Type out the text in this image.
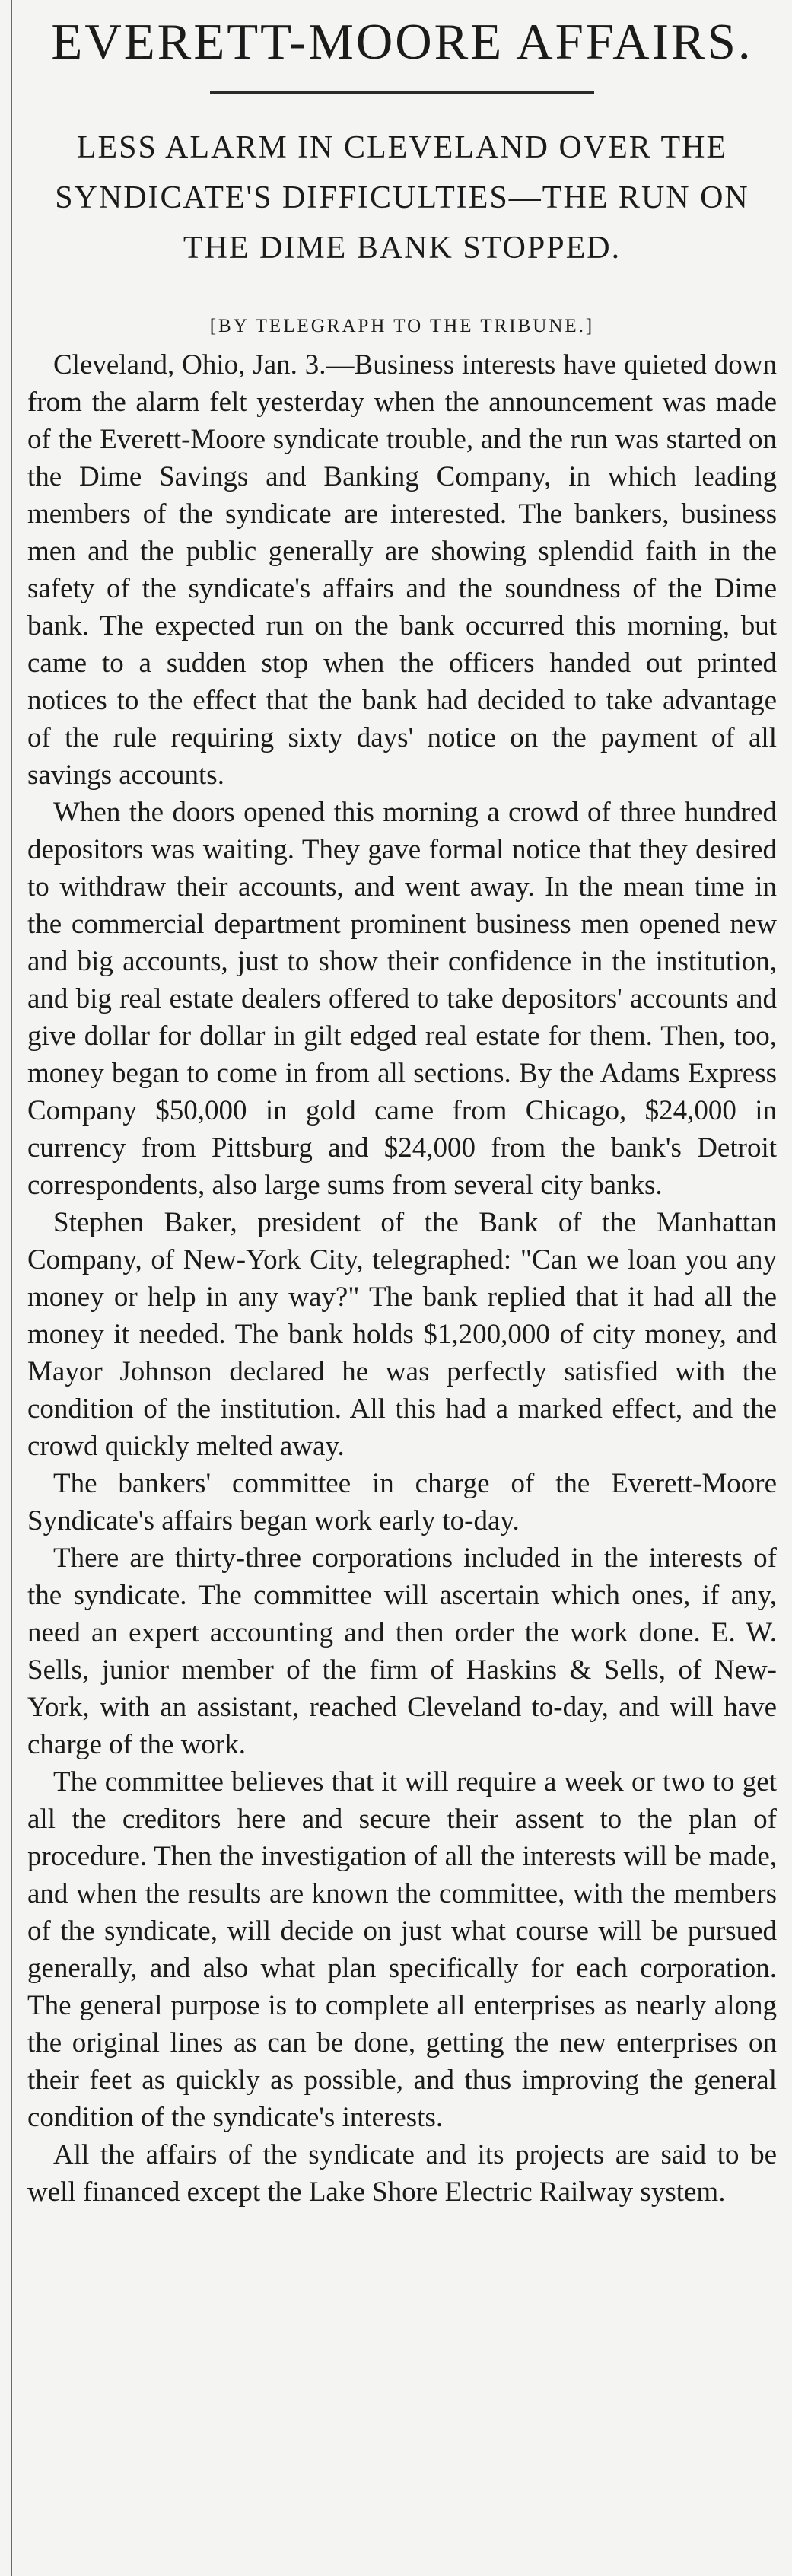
EVERETT-MOORE AFFAIRS.
LESS ALARM IN CLEVELAND OVER THE SYNDICATE'S DIFFICULTIES—THE RUN ON THE DIME BANK STOPPED.

[BY TELEGRAPH TO THE TRIBUNE.]

Cleveland, Ohio, Jan. 3.—Business interests have quieted down from the alarm felt yesterday when the announcement was made of the Everett-Moore syndicate trouble, and the run was started on the Dime Savings and Banking Company, in which leading members of the syndicate are interested. The bankers, business men and the public generally are showing splendid faith in the safety of the syndicate's affairs and the soundness of the Dime bank. The expected run on the bank occurred this morning, but came to a sudden stop when the officers handed out printed notices to the effect that the bank had decided to take advantage of the rule requiring sixty days' notice on the payment of all savings accounts.

When the doors opened this morning a crowd of three hundred depositors was waiting. They gave formal notice that they desired to withdraw their accounts, and went away. In the mean time in the commercial department prominent business men opened new and big accounts, just to show their confidence in the institution, and big real estate dealers offered to take depositors' accounts and give dollar for dollar in gilt edged real estate for them. Then, too, money began to come in from all sections. By the Adams Express Company $50,000 in gold came from Chicago, $24,000 in currency from Pittsburg and $24,000 from the bank's Detroit correspondents, also large sums from several city banks.

Stephen Baker, president of the Bank of the Manhattan Company, of New-York City, telegraphed: "Can we loan you any money or help in any way?" The bank replied that it had all the money it needed. The bank holds $1,200,000 of city money, and Mayor Johnson declared he was perfectly satisfied with the condition of the institution. All this had a marked effect, and the crowd quickly melted away.

The bankers' committee in charge of the Everett-Moore Syndicate's affairs began work early to-day.

There are thirty-three corporations included in the interests of the syndicate. The committee will ascertain which ones, if any, need an expert accounting and then order the work done. E. W. Sells, junior member of the firm of Haskins & Sells, of New-York, with an assistant, reached Cleveland to-day, and will have charge of the work.

The committee believes that it will require a week or two to get all the creditors here and secure their assent to the plan of procedure. Then the investigation of all the interests will be made, and when the results are known the committee, with the members of the syndicate, will decide on just what course will be pursued generally, and also what plan specifically for each corporation. The general purpose is to complete all enterprises as nearly along the original lines as can be done, getting the new enterprises on their feet as quickly as possible, and thus improving the general condition of the syndicate's interests.

All the affairs of the syndicate and its projects are said to be well financed except the Lake Shore Electric Railway system.
